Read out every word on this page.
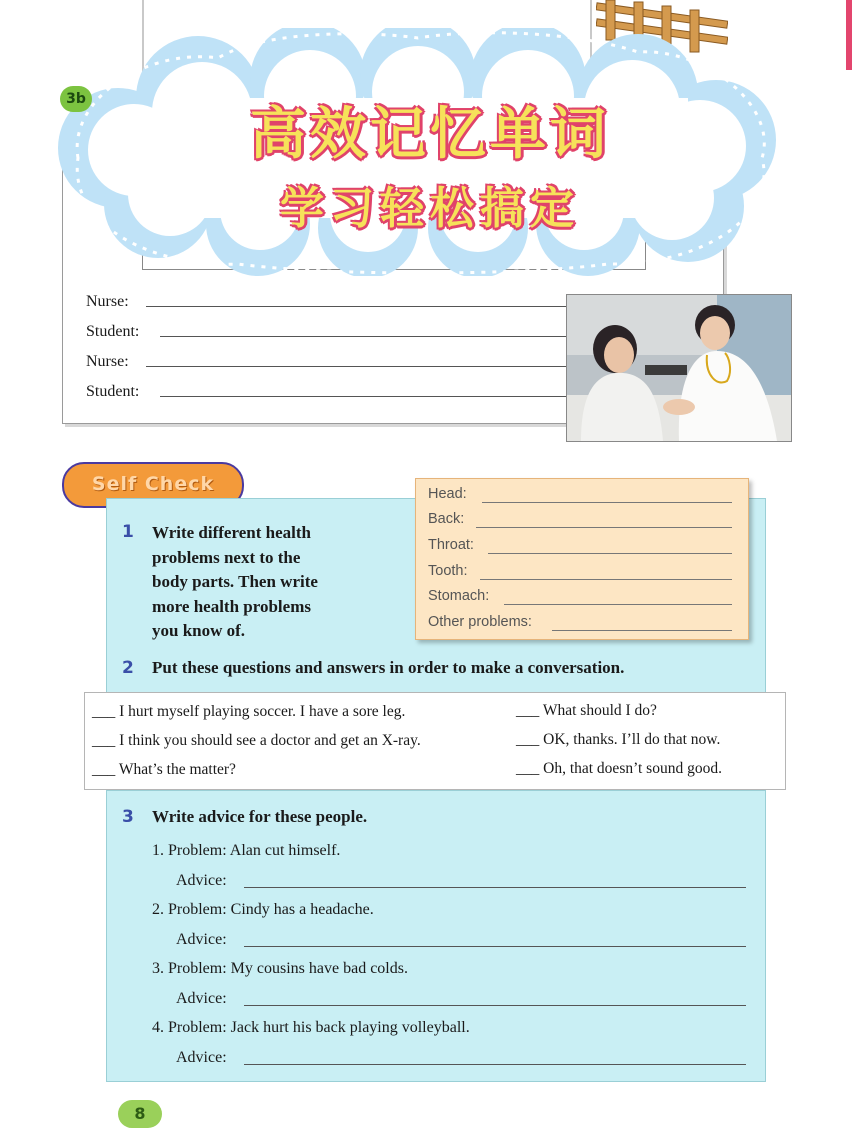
高效记忆单词
学习轻松搞定
3b
Nurse:
Student:
Nurse:
Student:
Self Check
1 Write different health
problems next to the
body parts. Then write
more health problems
you know of.
Head:
Back:
Throat:
Tooth:
Stomach:
Other problems:
2 Put these questions and answers in order to make a conversation.
___ I hurt myself playing soccer. I have a sore leg.
___ I think you should see a doctor and get an X-ray.
___ What’s the matter?
___ What should I do?
___ OK, thanks. I’ll do that now.
___ Oh, that doesn’t sound good.
3 Write advice for these people.
1. Problem: Alan cut himself.
Advice:
2. Problem: Cindy has a headache.
Advice:
3. Problem: My cousins have bad colds.
Advice:
4. Problem: Jack hurt his back playing volleyball.
Advice:
8
